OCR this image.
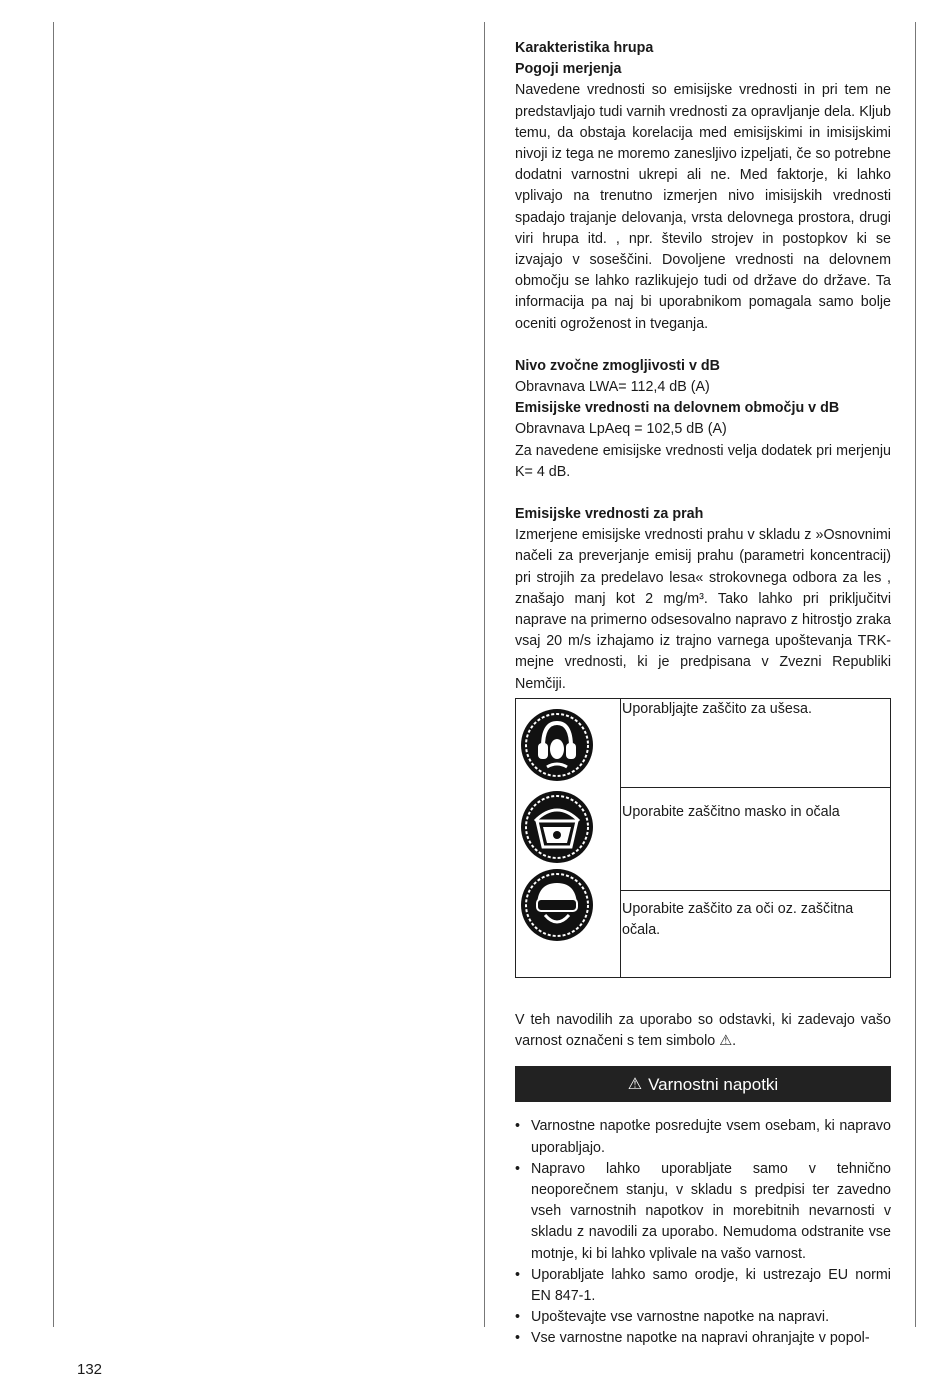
Karakteristika hrupa

Pogoji merjenja

Navedene vrednosti so emisijske vrednosti in pri tem ne predstavljajo tudi varnih vrednosti za opravljanje dela. Kljub temu, da obstaja korelacija med emisijskimi in imisijskimi nivoji iz tega ne moremo zanesljivo izpeljati, če so potrebne dodatni varnostni ukrepi ali ne. Med faktorje, ki lahko vplivajo na trenutno izmerjen nivo imisijskih vrednosti spadajo trajanje delovanja, vrsta delovnega prostora, drugi viri hrupa itd. , npr. število strojev in postopkov ki se izvajajo v soseščini. Dovoljene vrednosti na delovnem območju se lahko razlikujejo tudi od države do države. Ta informacija pa naj bi uporabnikom pomagala samo bolje oceniti ogroženost in tveganja.

Nivo zvočne zmogljivosti v dB

Obravnava LWA= 112,4 dB (A)

Emisijske vrednosti na delovnem območju v dB

Obravnava LpAeq = 102,5 dB (A)

Za navedene emisijske vrednosti velja dodatek pri merjenju K= 4 dB.

Emisijske vrednosti za prah

Izmerjene emisijske vrednosti prahu v skladu z »Osnovnimi načeli za preverjanje emisij prahu (parametri koncentracij) pri strojih za predelavo lesa« strokovnega odbora za les , znašajo manj kot 2 mg/m³. Tako lahko pri priključitvi naprave na primerno odsesovalno napravo z hitrostjo zraka vsaj 20 m/s izhajamo iz trajno varnega upoštevanja TRK- mejne vrednosti, ki je predpisana v Zvezni Republiki Nemčiji.

	Uporabljajte zaščito za ušesa.
Uporabite zaščitno masko in očala
Uporabite zaščito za oči oz. zaščitna očala.

V teh navodilih za uporabo so odstavki, ki zadevajo vašo varnost označeni s tem simbolo ⚠.

⚠ Varnostni napotki
• Varnostne napotke posredujte vsem osebam, ki napravo uporabljajo.
• Napravo lahko uporabljate samo v tehnično neoporečnem stanju, v skladu s predpisi ter zavedno vseh varnostnih napotkov in morebitnih nevarnosti v skladu z navodili za uporabo. Nemudoma odstranite vse motnje, ki bi lahko vplivale na vašo varnost.
• Uporabljate lahko samo orodje, ki ustrezajo EU normi EN 847-1.
• Upoštevajte vse varnostne napotke na napravi.
• Vse varnostne napotke na napravi ohranjajte v popol-
132
